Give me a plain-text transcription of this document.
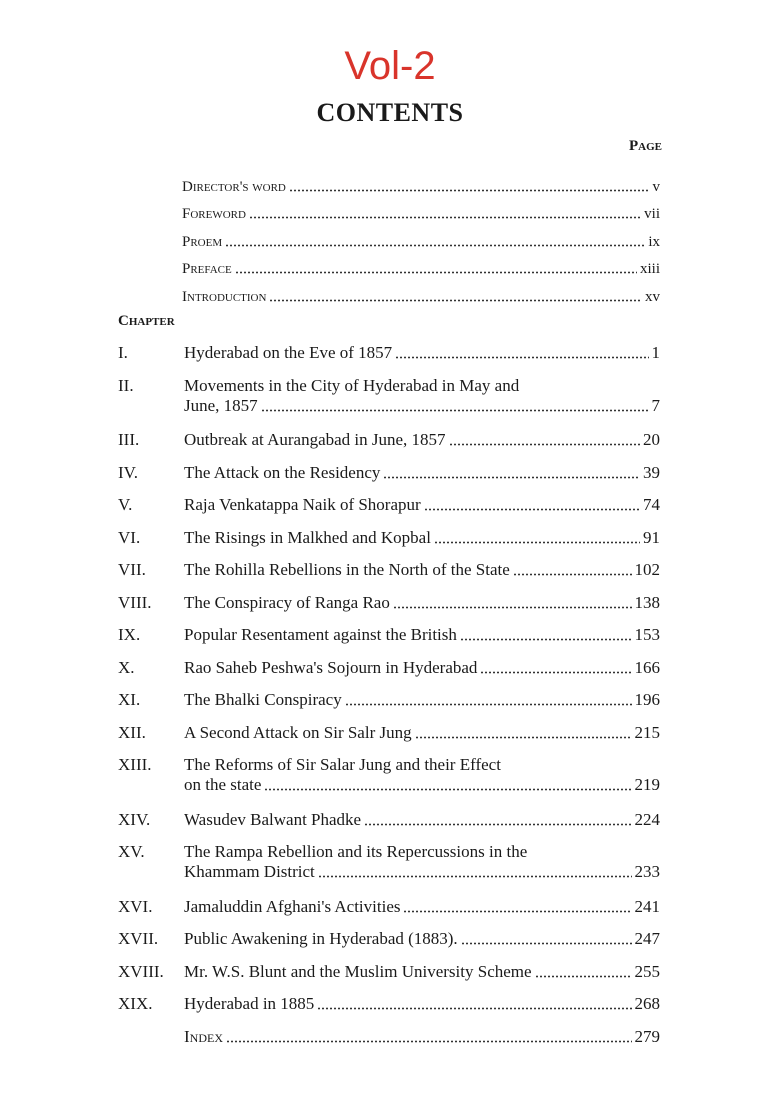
Vol-2
CONTENTS
Page
Director's word	v
Foreword	vii
Proem	ix
Preface	xiii
Introduction	xv
Chapter
I.	Hyderabad on the Eve of 1857	1
II.	Movements in the City of Hyderabad in May and
June, 1857	7
III.	Outbreak at Aurangabad in June, 1857	20
IV.	The Attack on the Residency	39
V.	Raja Venkatappa Naik of Shorapur	74
VI.	The Risings in Malkhed and Kopbal	91
VII.	The Rohilla Rebellions in the North of the State	102
VIII.	The Conspiracy of Ranga Rao	138
IX.	Popular Resentament against the British	153
X.	Rao Saheb Peshwa's Sojourn in Hyderabad	166
XI.	The Bhalki Conspiracy	196
XII.	A Second Attack on Sir Salr Jung	215
XIII.	The Reforms of Sir Salar Jung and their Effect
on the state	219
XIV.	Wasudev Balwant Phadke	224
XV.	The Rampa Rebellion and its Repercussions in the
Khammam District	233
XVI.	Jamaluddin Afghani's Activities	241
XVII.	Public Awakening in Hyderabad (1883).	247
XVIII.	Mr. W.S. Blunt and the Muslim University Scheme	255
XIX.	Hyderabad in 1885	268
Index	279
